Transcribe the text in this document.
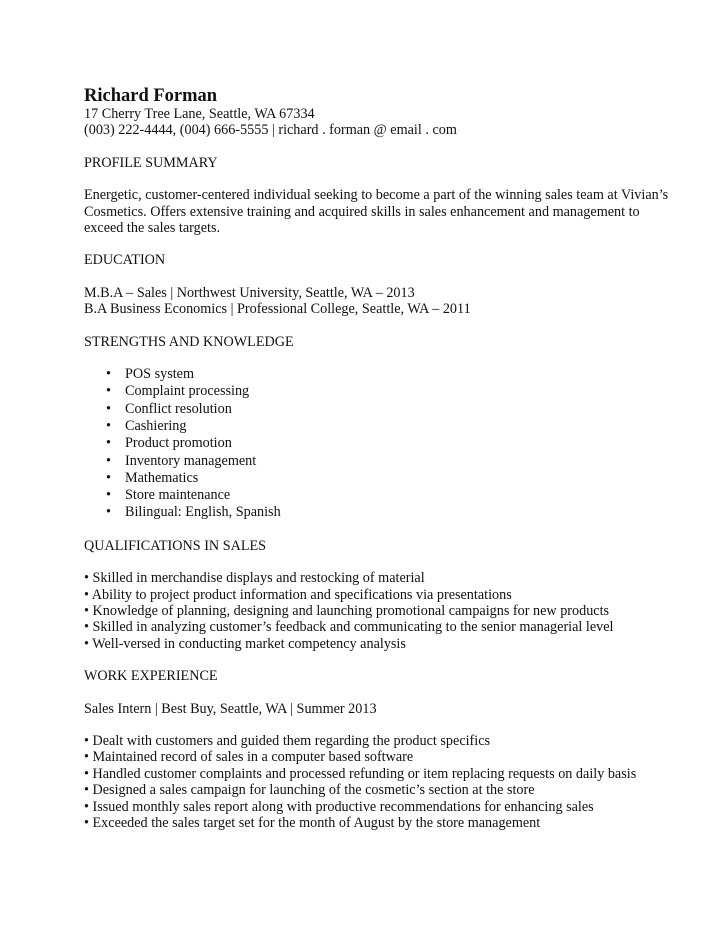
Richard Forman
17 Cherry Tree Lane, Seattle, WA 67334
(003) 222-4444, (004) 666-5555 | richard . forman @ email . com
PROFILE SUMMARY

Energetic, customer-centered individual seeking to become a part of the winning sales team at Vivian’s Cosmetics. Offers extensive training and acquired skills in sales enhancement and management to exceed the sales targets.

EDUCATION
M.B.A – Sales | Northwest University, Seattle, WA – 2013
B.A Business Economics | Professional College, Seattle, WA – 2011
STRENGTHS AND KNOWLEDGE
• POS system
• Complaint processing
• Conflict resolution
• Cashiering
• Product promotion
• Inventory management
• Mathematics
• Store maintenance
• Bilingual: English, Spanish
QUALIFICATIONS IN SALES
• Skilled in merchandise displays and restocking of material
• Ability to project product information and specifications via presentations
• Knowledge of planning, designing and launching promotional campaigns for new products
• Skilled in analyzing customer’s feedback and communicating to the senior managerial level
• Well-versed in conducting market competency analysis
WORK EXPERIENCE
Sales Intern | Best Buy, Seattle, WA | Summer 2013
• Dealt with customers and guided them regarding the product specifics
• Maintained record of sales in a computer based software
• Handled customer complaints and processed refunding or item replacing requests on daily basis
• Designed a sales campaign for launching of the cosmetic’s section at the store
• Issued monthly sales report along with productive recommendations for enhancing sales
• Exceeded the sales target set for the month of August by the store management
